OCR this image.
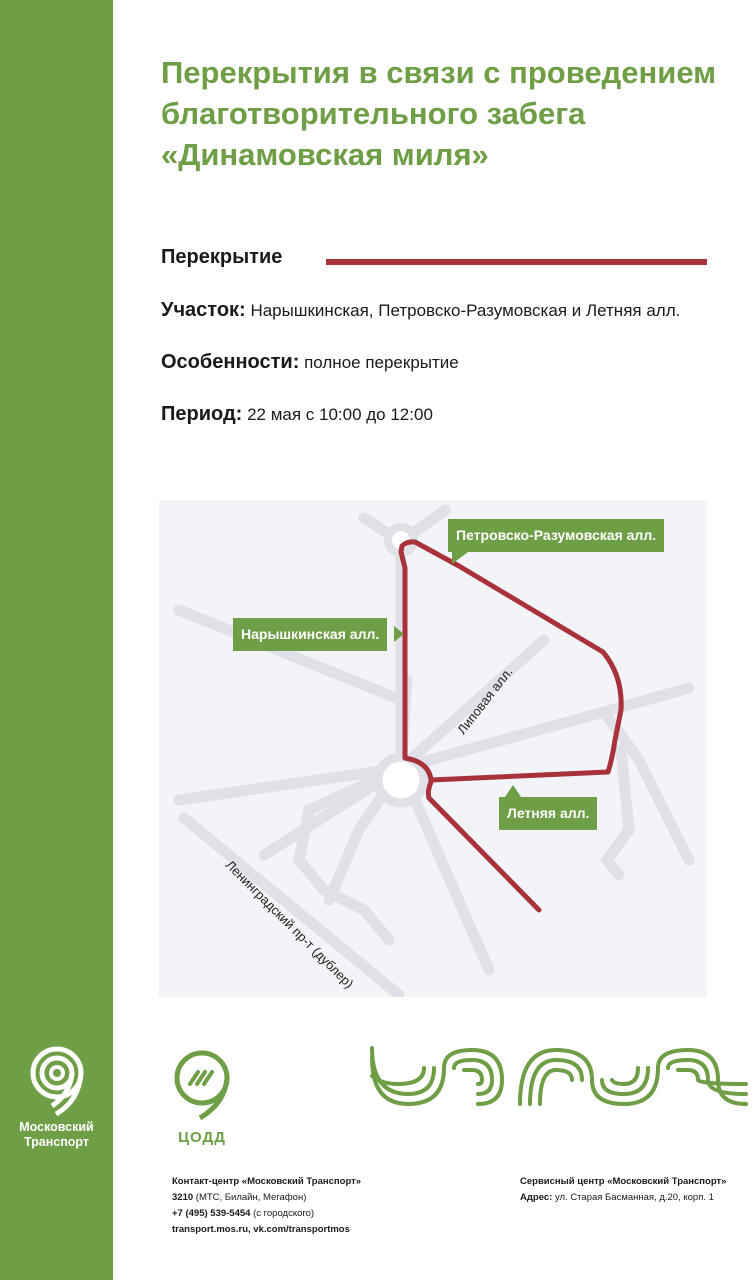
Московский
Транспорт
Перекрытия в связи с проведением благотворительного забега «Динамовская миля»
Перекрытие
Участок: Нарышкинская, Петровско-Разумовская и Летняя алл.
Особенности: полное перекрытие
Период: 22 мая с 10:00 до 12:00
Петровско-Разумовская алл.
Нарышкинская алл.
Летняя алл.
Липовая алл.
Ленинградский пр-т (дублер)
ЦОДД
Контакт-центр «Московский Транспорт»
3210 (МТС, Билайн, Мегафон)
+7 (495) 539-5454 (с городского)
transport.mos.ru, vk.com/transportmos
Сервисный центр «Московский Транспорт»
Адрес: ул. Старая Басманная, д.20, корп. 1
